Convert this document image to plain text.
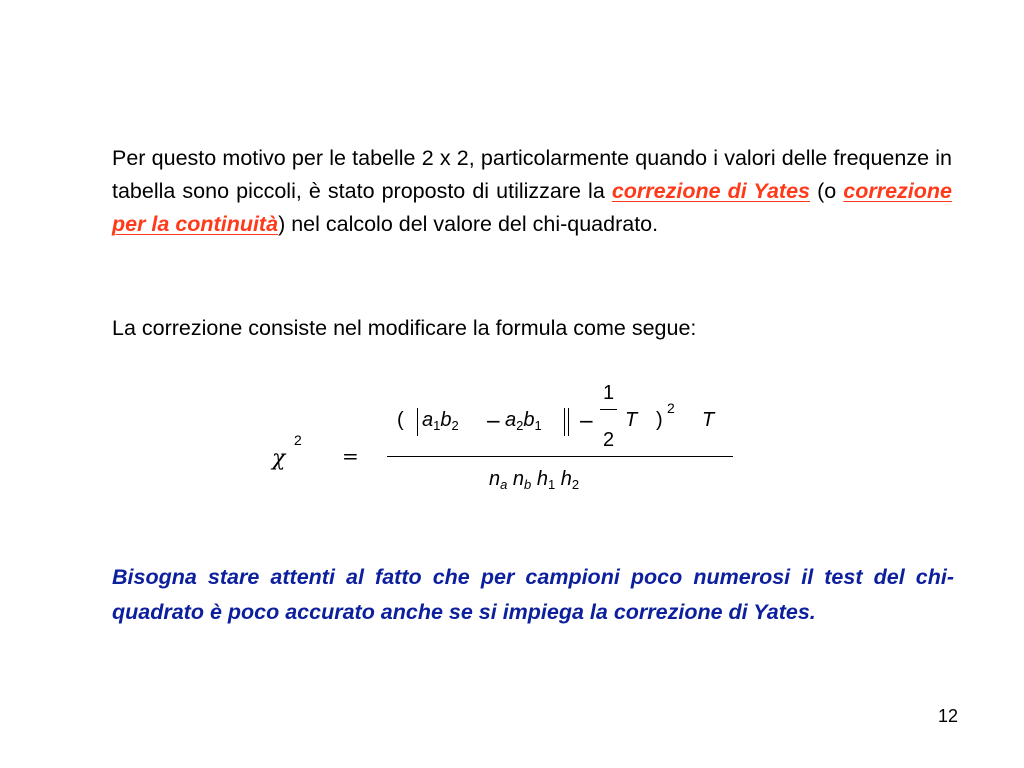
Per questo motivo per le tabelle 2 x 2, particolarmente quando i valori delle frequenze in tabella sono piccoli, è stato proposto di utilizzare la correzione di Yates (o correzione per la continuità) nel calcolo del valore del chi-quadrato.
La correzione consiste nel modificare la formula come segue:
χ
2
=
( $a_1b_2 - a_2b_1$ −
1
2
T )
2
T
$n_a$ $n_b$ $h_1$ $h_2$
Bisogna stare attenti al fatto che per campioni poco numerosi il test del chi-quadrato è poco accurato anche se si impiega la correzione di Yates.
12
